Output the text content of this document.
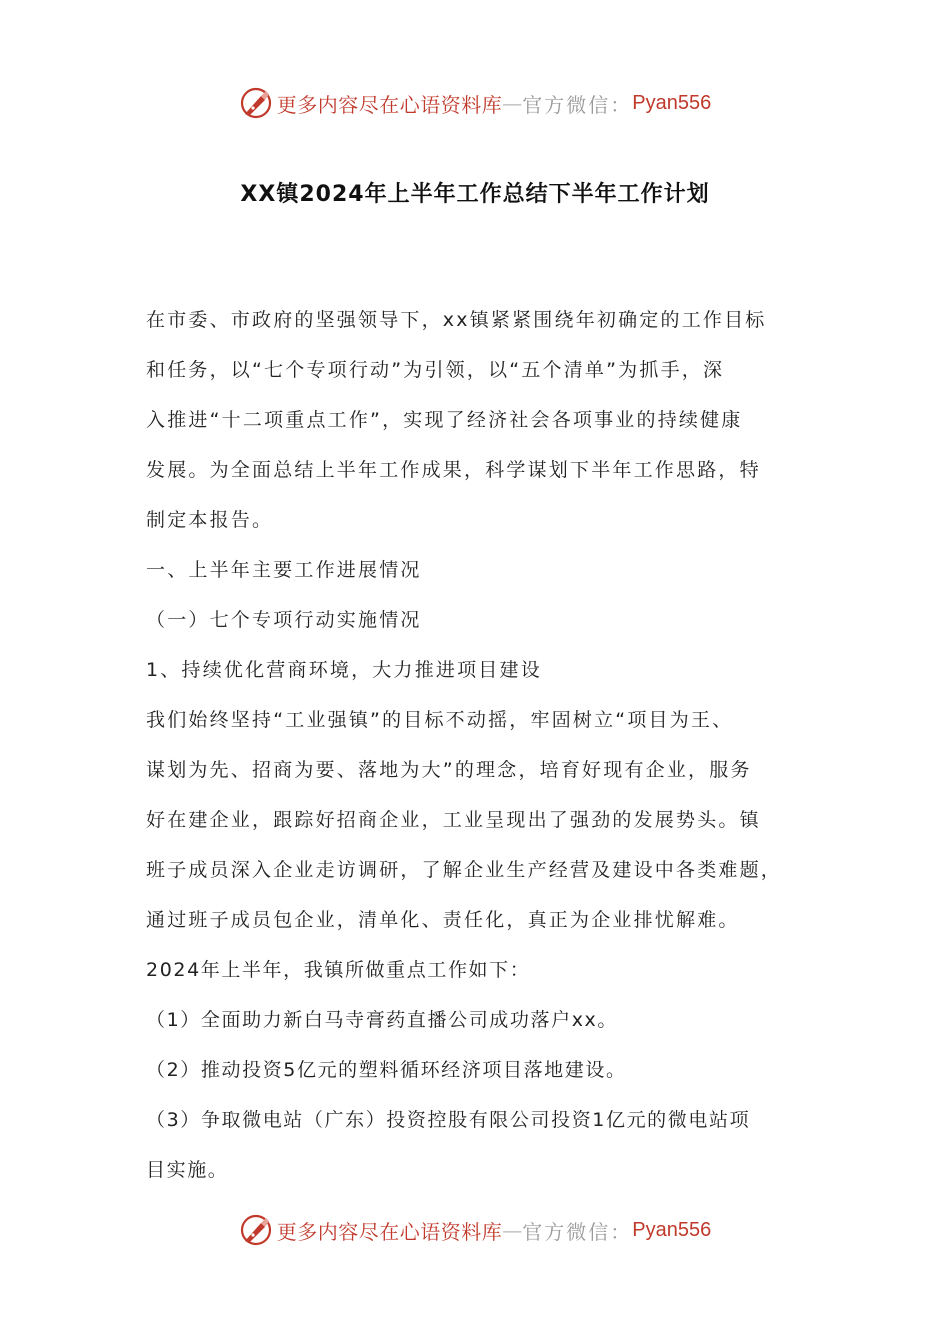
更多内容尽在心语资料库 — 官方微信： Pyan556
XX镇2024年上半年工作总结下半年工作计划

在市委、市政府的坚强领导下，xx镇紧紧围绕年初确定的工作目标

和任务，以“七个专项行动”为引领，以“五个清单”为抓手，深

入推进“十二项重点工作”，实现了经济社会各项事业的持续健康

发展。为全面总结上半年工作成果，科学谋划下半年工作思路，特

制定本报告。

一、上半年主要工作进展情况

（一）七个专项行动实施情况

1、持续优化营商环境，大力推进项目建设

我们始终坚持“工业强镇”的目标不动摇，牢固树立“项目为王、

谋划为先、招商为要、落地为大”的理念，培育好现有企业，服务

好在建企业，跟踪好招商企业，工业呈现出了强劲的发展势头。镇

班子成员深入企业走访调研，了解企业生产经营及建设中各类难题，

通过班子成员包企业，清单化、责任化，真正为企业排忧解难。

2024年上半年，我镇所做重点工作如下：

（1）全面助力新白马寺膏药直播公司成功落户xx。

（2）推动投资5亿元的塑料循环经济项目落地建设。

（3）争取微电站（广东）投资控股有限公司投资1亿元的微电站项

目实施。

更多内容尽在心语资料库 — 官方微信： Pyan556
